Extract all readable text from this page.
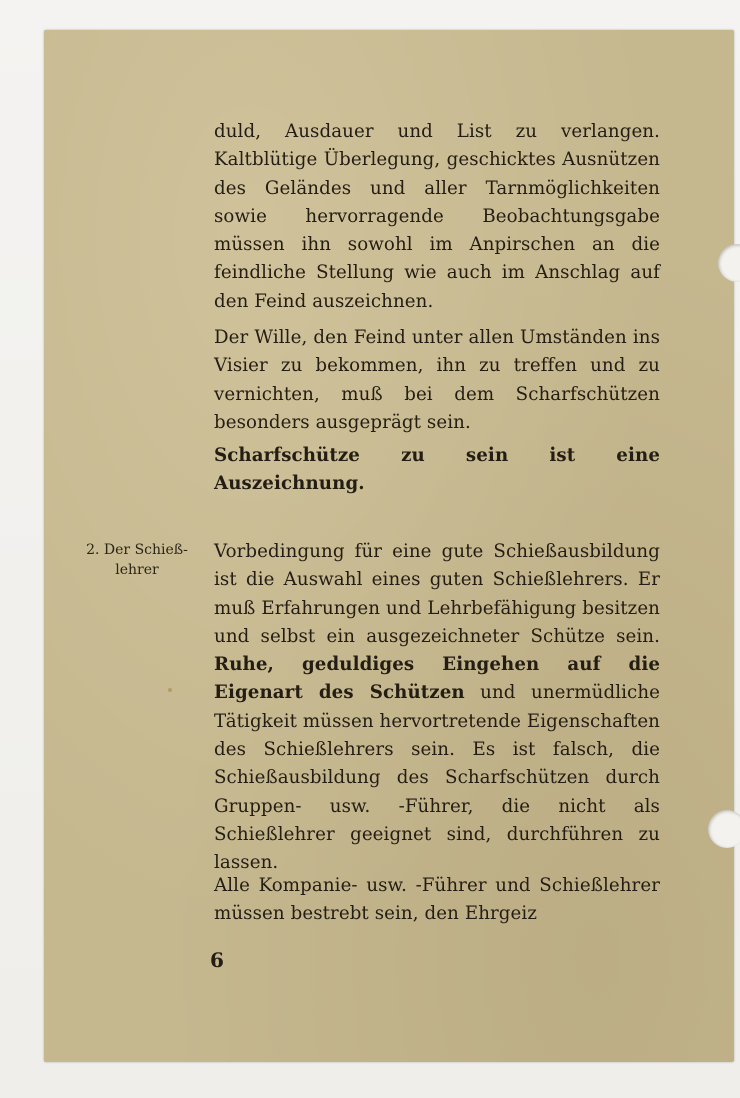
2. Der Schieß-
lehrer
duld, Ausdauer und List zu verlangen. Kaltblütige Überlegung, geschicktes Ausnützen des Geländes und aller Tarnmöglichkeiten sowie hervorragende Beobachtungsgabe müssen ihn sowohl im Anpirschen an die feindliche Stellung wie auch im Anschlag auf den Feind auszeichnen.
Der Wille, den Feind unter allen Umständen ins Visier zu bekommen, ihn zu treffen und zu vernichten, muß bei dem Scharfschützen besonders ausgeprägt sein.
Scharfschütze zu sein ist eine Auszeichnung.
Vorbedingung für eine gute Schießausbildung ist die Auswahl eines guten Schießlehrers. Er muß Erfahrungen und Lehrbefähigung besitzen und selbst ein ausgezeichneter Schütze sein. Ruhe, geduldiges Eingehen auf die Eigenart des Schützen und unermüdliche Tätigkeit müssen hervortretende Eigenschaften des Schießlehrers sein. Es ist falsch, die Schießausbildung des Scharfschützen durch Gruppen- usw. -Führer, die nicht als Schießlehrer geeignet sind, durchführen zu lassen.
Alle Kompanie- usw. -Führer und Schießlehrer müssen bestrebt sein, den Ehrgeiz
6
